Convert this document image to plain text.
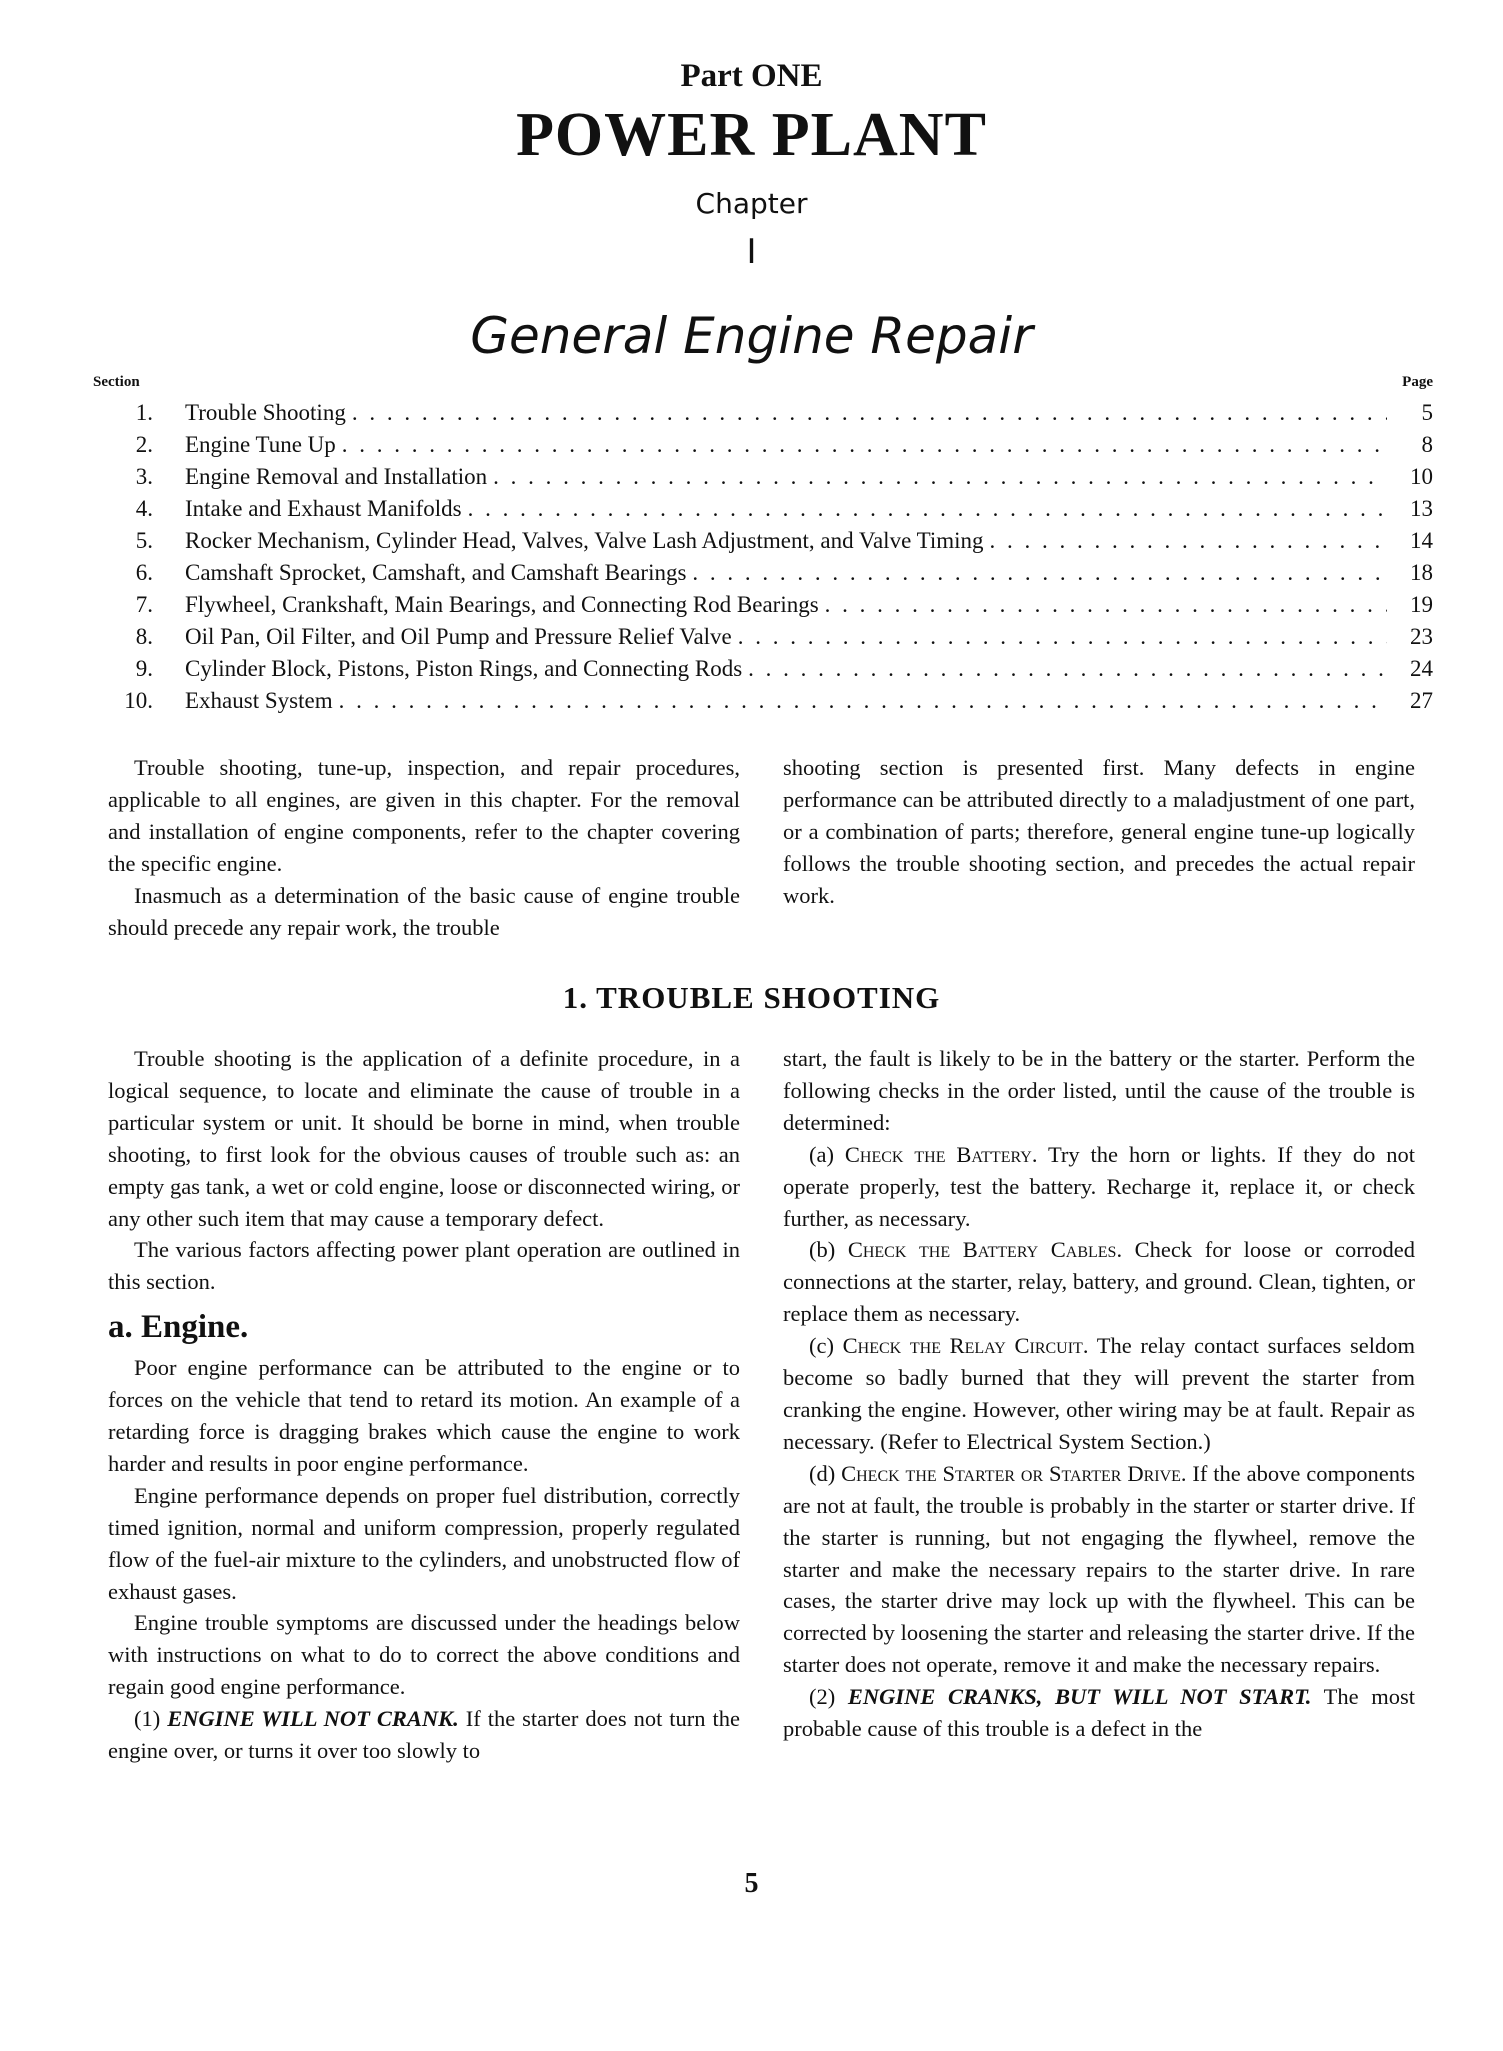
Part ONE
POWER PLANT
Chapter
I
General Engine Repair
Section	Page
1.	Trouble Shooting . . .	5
2.	Engine Tune Up . . .	8
3.	Engine Removal and Installation . . .	10
4.	Intake and Exhaust Manifolds . . .	13
5.	Rocker Mechanism, Cylinder Head, Valves, Valve Lash Adjustment, and Valve Timing . . .	14
6.	Camshaft Sprocket, Camshaft, and Camshaft Bearings . . .	18
7.	Flywheel, Crankshaft, Main Bearings, and Connecting Rod Bearings . . .	19
8.	Oil Pan, Oil Filter, and Oil Pump and Pressure Relief Valve . . .	23
9.	Cylinder Block, Pistons, Piston Rings, and Connecting Rods . . .	24
10.	Exhaust System . . .	27

Trouble shooting, tune-up, inspection, and repair procedures, applicable to all engines, are given in this chapter. For the removal and installation of engine components, refer to the chapter covering the specific engine.

Inasmuch as a determination of the basic cause of engine trouble should precede any repair work, the trouble

shooting section is presented first. Many defects in engine performance can be attributed directly to a maladjustment of one part, or a combination of parts; therefore, general engine tune-up logically follows the trouble shooting section, and precedes the actual repair work.

1. TROUBLE SHOOTING

Trouble shooting is the application of a definite procedure, in a logical sequence, to locate and eliminate the cause of trouble in a particular system or unit. It should be borne in mind, when trouble shooting, to first look for the obvious causes of trouble such as: an empty gas tank, a wet or cold engine, loose or disconnected wiring, or any other such item that may cause a temporary defect.

The various factors affecting power plant operation are outlined in this section.

a. Engine.

Poor engine performance can be attributed to the engine or to forces on the vehicle that tend to retard its motion. An example of a retarding force is dragging brakes which cause the engine to work harder and results in poor engine performance.

Engine performance depends on proper fuel distribution, correctly timed ignition, normal and uniform compression, properly regulated flow of the fuel-air mixture to the cylinders, and unobstructed flow of exhaust gases.

Engine trouble symptoms are discussed under the headings below with instructions on what to do to correct the above conditions and regain good engine performance.

(1) ENGINE WILL NOT CRANK. If the starter does not turn the engine over, or turns it over too slowly to

start, the fault is likely to be in the battery or the starter. Perform the following checks in the order listed, until the cause of the trouble is determined:

(a) Check the Battery. Try the horn or lights. If they do not operate properly, test the battery. Recharge it, replace it, or check further, as necessary.

(b) Check the Battery Cables. Check for loose or corroded connections at the starter, relay, battery, and ground. Clean, tighten, or replace them as necessary.

(c) Check the Relay Circuit. The relay contact surfaces seldom become so badly burned that they will prevent the starter from cranking the engine. However, other wiring may be at fault. Repair as necessary. (Refer to Electrical System Section.)

(d) Check the Starter or Starter Drive. If the above components are not at fault, the trouble is probably in the starter or starter drive. If the starter is running, but not engaging the flywheel, remove the starter and make the necessary repairs to the starter drive. In rare cases, the starter drive may lock up with the flywheel. This can be corrected by loosening the starter and releasing the starter drive. If the starter does not operate, remove it and make the necessary repairs.

(2) ENGINE CRANKS, BUT WILL NOT START. The most probable cause of this trouble is a defect in the

5
